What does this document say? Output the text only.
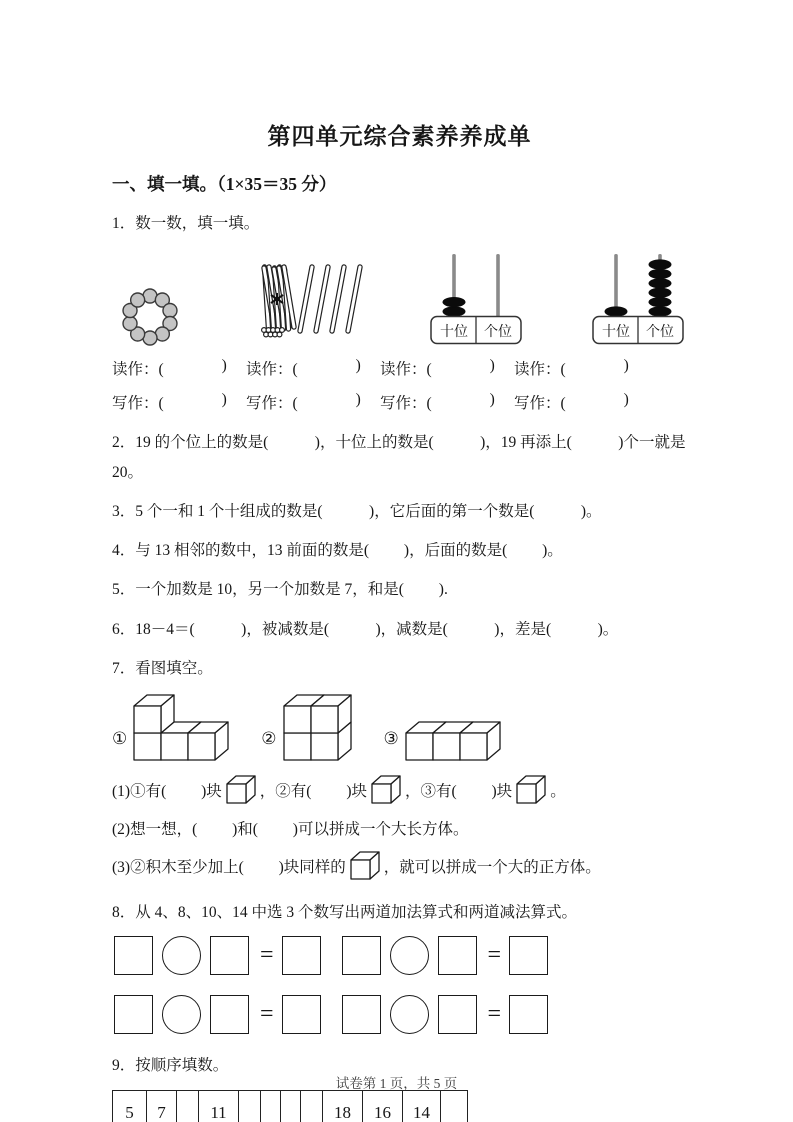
第四单元综合素养养成单
一、填一填。（1×35＝35 分）
1．数一数，填一填。
十位 个位	十位 个位
读作：(	) 读作：(	) 读作：(	) 读作：(	)
写作：(	) 写作：(	) 写作：(	) 写作：(	)
2．19 的个位上的数是(            )，十位上的数是(            )，19 再添上(            )个一就是
20。
3．5 个一和 1 个十组成的数是(            )，它后面的第一个数是(            )。
4．与 13 相邻的数中，13 前面的数是(         )，后面的数是(         )。
5．一个加数是 10，另一个加数是 7，和是(         ).
6．18－4＝(            )，被减数是(            )，减数是(            )，差是(            )。
7．看图填空。
①	②	③
(1)①有(         )块 ，②有(         )块 ，③有(         )块 。
(2)想一想，(         )和(         )可以拼成一个大长方体。
(3)②积木至少加上(         )块同样的 ，就可以拼成一个大的正方体。
8．从 4、8、10、14 中选 3 个数写出两道加法算式和两道减法算式。
=	=
=	=
9．按顺序填数。
5	7	11	18	16	14
试卷第 1 页，共 5 页
